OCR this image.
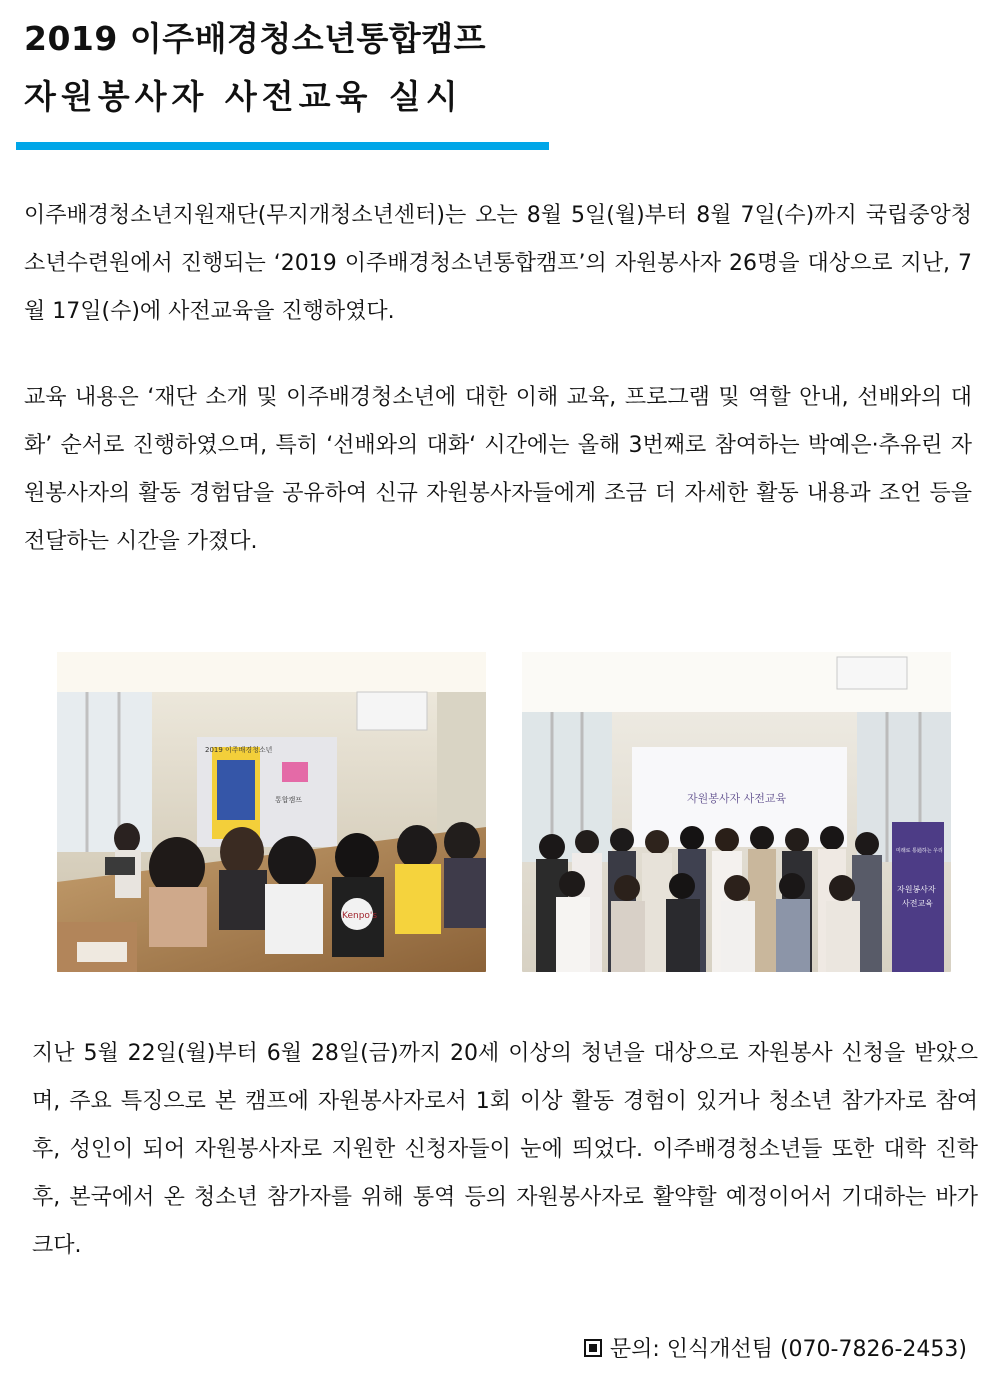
2019 이주배경청소년통합캠프
자원봉사자 사전교육 실시

이주배경청소년지원재단(무지개청소년센터)는 오는 8월 5일(월)부터 8월 7일(수)까지 국립중앙청소년수련원에서 진행되는 ‘2019 이주배경청소년통합캠프’의 자원봉사자 26명을 대상으로 지난, 7월 17일(수)에 사전교육을 진행하였다.

교육 내용은 ‘재단 소개 및 이주배경청소년에 대한 이해 교육, 프로그램 및 역할 안내, 선배와의 대화’ 순서로 진행하였으며, 특히 ‘선배와의 대화‘ 시간에는 올해 3번째로 참여하는 박예은·추유린 자원봉사자의 활동 경험담을 공유하여 신규 자원봉사자들에게 조금 더 자세한 활동 내용과 조언 등을 전달하는 시간을 가졌다.

2019 이주배경청소년
통합캠프
Kenpo's
자원봉사자 사전교육
미래로 통通하는 우리
자원봉사자
사전교육

지난 5월 22일(월)부터 6월 28일(금)까지 20세 이상의 청년을 대상으로 자원봉사 신청을 받았으며, 주요 특징으로 본 캠프에 자원봉사자로서 1회 이상 활동 경험이 있거나 청소년 참가자로 참여 후, 성인이 되어 자원봉사자로 지원한 신청자들이 눈에 띄었다. 이주배경청소년들 또한 대학 진학 후, 본국에서 온 청소년 참가자를 위해 통역 등의 자원봉사자로 활약할 예정이어서 기대하는 바가 크다.

문의: 인식개선팀 (070-7826-2453)
